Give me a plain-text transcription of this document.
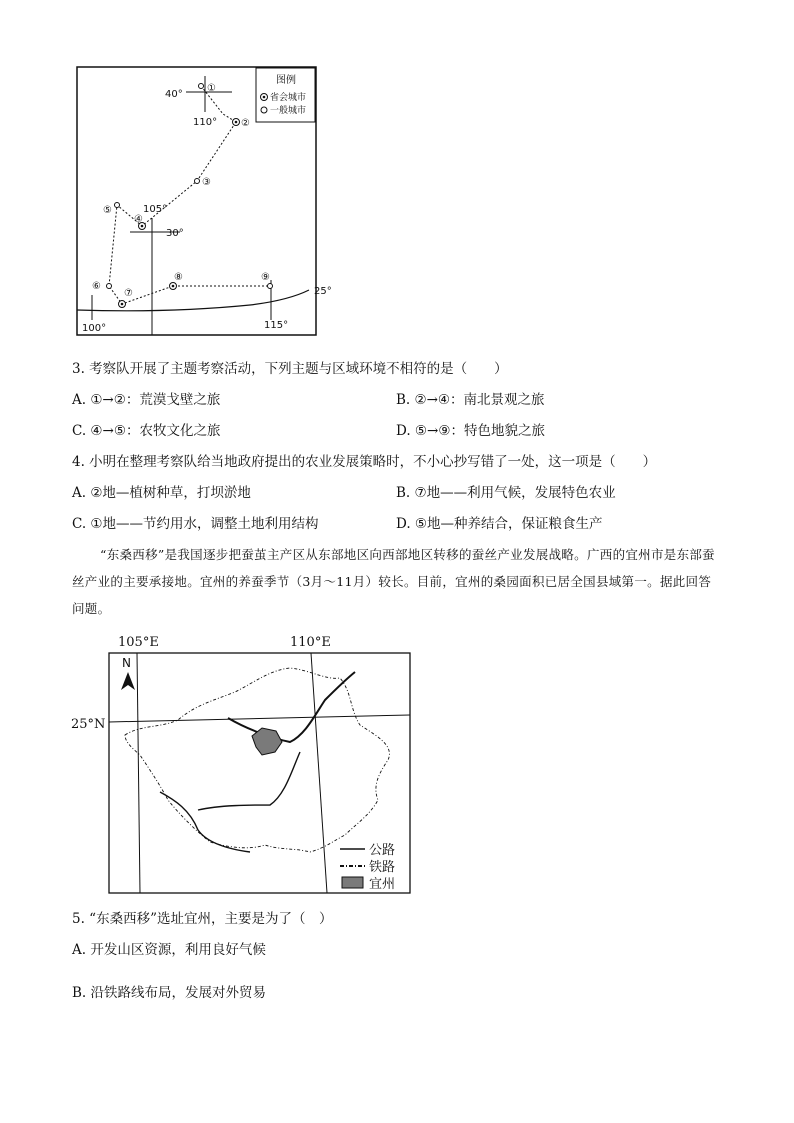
图例
省会城市
一般城市
40°
110°
105°
30°
25°
100°	115°
①
②
③
④
⑤
⑥
⑦
⑧	⑨
3. 考察队开展了主题考察活动，下列主题与区域环境不相符的是（　　）
A. ①→②：荒漠戈壁之旅	B. ②→④：南北景观之旅
C. ④→⑤：农牧文化之旅	D. ⑤→⑨：特色地貌之旅
4. 小明在整理考察队给当地政府提出的农业发展策略时，不小心抄写错了一处，这一项是（　　）
A. ②地—植树种草，打坝淤地	B. ⑦地——利用气候，发展特色农业
C. ①地——节约用水，调整土地利用结构	D. ⑤地—种养结合，保证粮食生产
“东桑西移”是我国逐步把蚕茧主产区从东部地区向西部地区转移的蚕丝产业发展战略。广西的宜州市是东部蚕丝产业的主要承接地。宜州的养蚕季节（3月～11月）较长。目前，宜州的桑园面积已居全国县域第一。据此回答问题。
105°E	110°E
25°N
N
公路
铁路
宜州
5. “东桑西移”选址宜州，主要是为了（　）
A. 开发山区资源，利用良好气候
B. 沿铁路线布局，发展对外贸易
